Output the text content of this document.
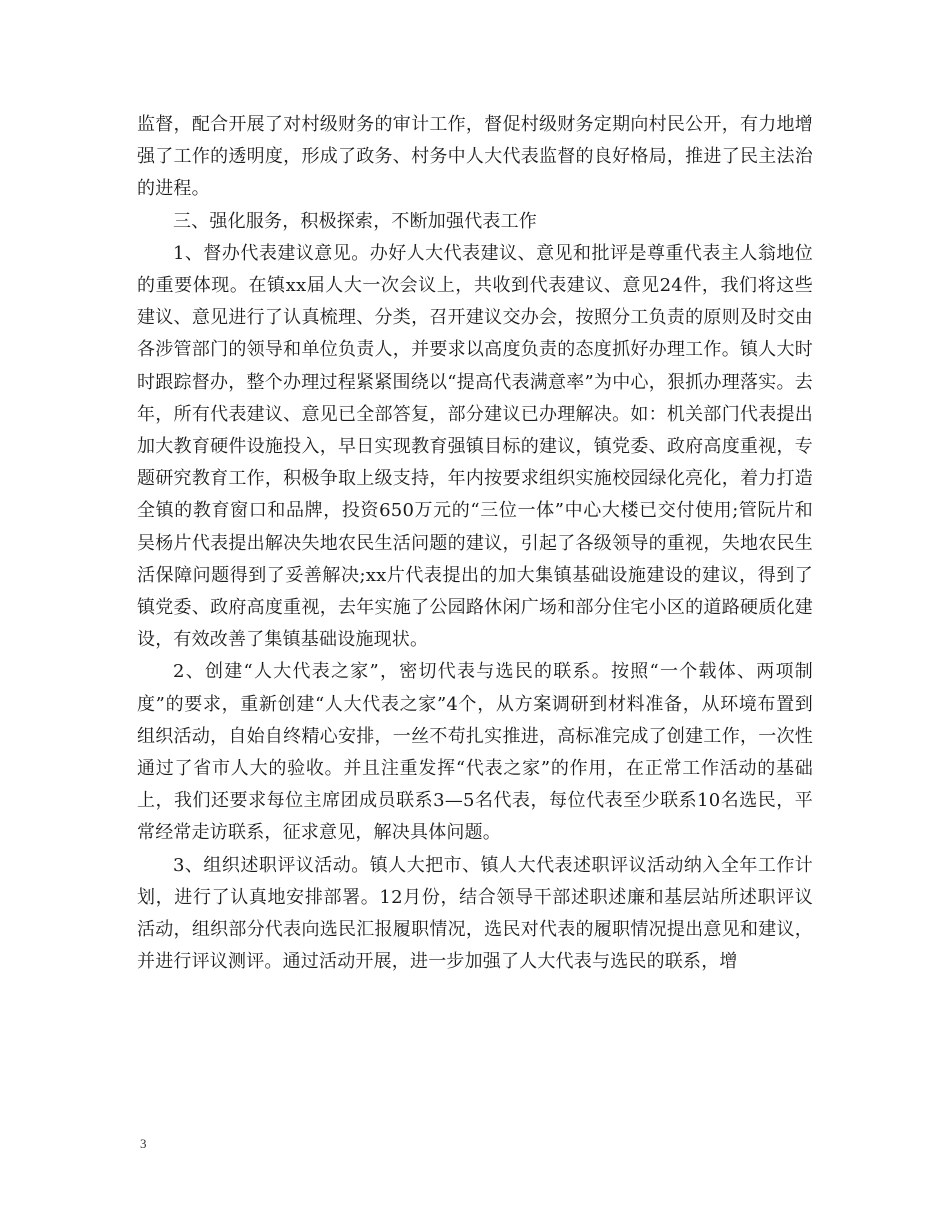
监督，配合开展了对村级财务的审计工作，督促村级财务定期向村民公开，有力地增强了工作的透明度，形成了政务、村务中人大代表监督的良好格局，推进了民主法治的进程。

三、强化服务，积极探索，不断加强代表工作

1、督办代表建议意见。办好人大代表建议、意见和批评是尊重代表主人翁地位的重要体现。在镇xx届人大一次会议上，共收到代表建议、意见24件，我们将这些建议、意见进行了认真梳理、分类，召开建议交办会，按照分工负责的原则及时交由各涉管部门的领导和单位负责人，并要求以高度负责的态度抓好办理工作。镇人大时时跟踪督办，整个办理过程紧紧围绕以“提高代表满意率”为中心，狠抓办理落实。去年，所有代表建议、意见已全部答复，部分建议已办理解决。如：机关部门代表提出加大教育硬件设施投入，早日实现教育强镇目标的建议，镇党委、政府高度重视，专题研究教育工作，积极争取上级支持，年内按要求组织实施校园绿化亮化，着力打造全镇的教育窗口和品牌，投资650万元的“三位一体”中心大楼已交付使用;管阮片和吴杨片代表提出解决失地农民生活问题的建议，引起了各级领导的重视，失地农民生活保障问题得到了妥善解决;xx片代表提出的加大集镇基础设施建设的建议，得到了镇党委、政府高度重视，去年实施了公园路休闲广场和部分住宅小区的道路硬质化建设，有效改善了集镇基础设施现状。

2、创建“人大代表之家”，密切代表与选民的联系。按照“一个载体、两项制度”的要求，重新创建“人大代表之家”4个，从方案调研到材料准备，从环境布置到组织活动，自始自终精心安排，一丝不苟扎实推进，高标准完成了创建工作，一次性通过了省市人大的验收。并且注重发挥“代表之家”的作用，在正常工作活动的基础上，我们还要求每位主席团成员联系3—5名代表，每位代表至少联系10名选民，平常经常走访联系，征求意见，解决具体问题。

3、组织述职评议活动。镇人大把市、镇人大代表述职评议活动纳入全年工作计划，进行了认真地安排部署。12月份，结合领导干部述职述廉和基层站所述职评议活动，组织部分代表向选民汇报履职情况，选民对代表的履职情况提出意见和建议，并进行评议测评。通过活动开展，进一步加强了人大代表与选民的联系，增

3
